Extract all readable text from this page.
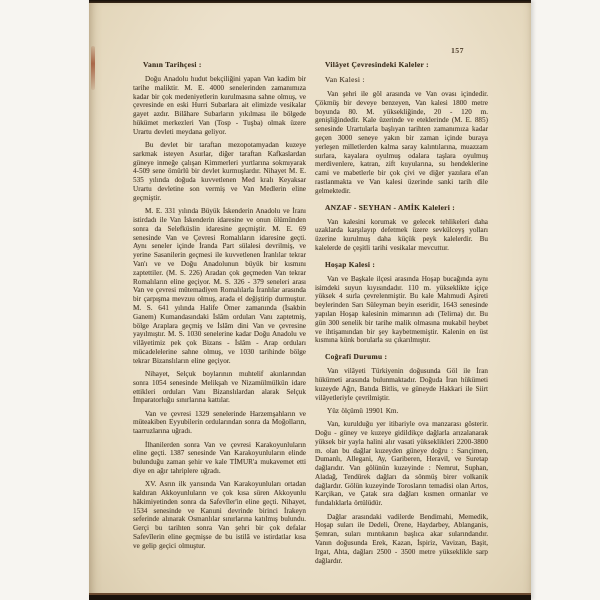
157
Vanın Tarihçesi :

Doğu Anadolu hudut bekçiliğini yapan Van kadim bir tarihe maliktir. M. E. 4000 senelerinden zamanımıza kadar bir çok medeniyetlerin kurulmasına sahne olmuş, ve çevresinde en eski Hurri Subarlara ait elimizde vesikalar gayet azdır. Bilâhare Subarların yıkılması ile bölgede hükümet merkezleri Van (Tosp - Tuşba) olmak üzere Urartu devleti meydana geliyor.

Bu devlet bir taraftan mezopotamyadan kuzeye sarkmak isteyen Asurlar, diğer taraftan Kafkaslardan güneye inmeğe çalışan Kimmerleri yurtlarına sokmıyarak 4-509 sene ömürlü bir devlet kurmuşlardır. Nihayet M. E. 535 yılında doğuda kuvvetlenen Med kralı Keyaksar Urartu devletine son vermiş ve Van Medlerin eline geçmiştir.

M. E. 331 yılında Büyük İskenderin Anadolu ve İranı istirdadı ile Van İskenderin idaresine ve onun ölümünden sonra da Selefküslin idaresine geçmiştir. M. E. 69 senesinde Van ve Çevresi Romalıların idaresine geçti. Aynı seneler içinde İranda Part sülalesi devrilmiş, ve yerine Sasanilerin geçmesi ile kuvvetlenen İranlılar tekrar Van'ı ve ve Doğu Anadolunun büyük bir kısmını zaptettiler. (M. S. 226) Aradan çok geçmeden Van tekrar Romalıların eline geçiyor. M. S. 326 - 379 seneleri arası Van ve çevresi mütemadiyen Romalılarla İranlılar arasında bir çarpışma mevzuu olmuş, arada el değiştirip durmuştur. M. S. 641 yılında Halife Ömer zamanında (İsakbin Ganem) Kumandasındaki İslâm orduları Vanı zaptetmiş, bölge Araplara geçmiş ve İslâm dini Van ve çevresine yayılmıştır. M. S. 1030 senelerine kadar Doğu Anadolu ve vilâyetimiz pek çok Bizans - İslâm - Arap orduları mücadelelerine sahne olmuş, ve 1030 tarihinde bölge tekrar Bizanslıların eline geçiyor.

Nihayet, Selçuk boylarının muhtelif akınlarından sonra 1054 senesinde Melikşah ve Nizamülmülkün idare ettikleri orduları Vanı Bizanslılardan alarak Selçuk İmparatorluğu sınırlarına kattılar.

Van ve çevresi 1329 senelerinde Harzemşahların ve müteakiben Eyyubilerin ordularından sonra da Moğolların, taarruzlarına uğradı.

İlhanilerden sonra Van ve çevresi Karakoyunluların eline geçti. 1387 senesinde Van Karakoyunluların elinde bulunduğu zaman şehir ve kale TİMUR'a mukavemet etti diye en ağır tahriplere uğradı.

XV. Asrın ilk yarısında Van Karakoyunluları ortadan kaldıran Akkoyunluların ve çok kısa süren Akkoyunlu hâkimiyetinden sonra da Safevîler'in eline geçti. Nihayet, 1534 senesinde ve Kanuni devrinde birinci İrakeyn seferinde alınarak Osmanlılar sınırlarına katılmış bulundu. Gerçi bu tarihten sonra Van şehri bir çok defalar Safevîlerin eline geçmişse de bu istilâ ve istirdatlar kısa ve gelip geçici olmuştur.

Vilâyet Çevresindeki Kaleler :
Van Kalesi :

Van şehri ile göl arasında ve Van ovası içindedir. Çökmüş bir deveye benzeyen, Van kalesi 1800 metre boyunda 80. M. yüksekliğinde, 20 - 120 m. genişliğindedir. Kale üzerinde ve eteklerinde (M. E. 885) senesinde Urartularla başlıyan tarihten zamanımıza kadar geçen 3000 seneye yakın bir zaman içinde buraya yerleşen milletlerden kalma saray kalıntılarına, muazzam surlara, kayalara oyulmuş odalara taşlara oyulmuş merdivenlere, katran, zift kuyularına, su hendeklerine cami ve mabetlerle bir çok çivi ve diğer yazılara el'an rastlanmakta ve Van kalesi üzerinde sanki tarih dile gelmektedir.

ANZAF - SEYHAN - AMİK Kaleleri :

Van kalesini korumak ve gelecek tehlikeleri daha uzaklarda karşılayıp defetmek üzere sevkülceyş yolları üzerine kurulmuş daha küçük peyk kalelerdir. Bu kalelerde de çeşitli tarihi vesikalar mevcuttur.

Hoşap Kalesi :

Van ve Başkale ilçesi arasında Hoşap bucağında aynı isimdeki suyun kıyısındadır. 110 m. yükseklikte içiçe yüksek 4 surla çevrelenmiştir. Bu kale Mahmudi Aşireti beylerinden Sarı Süleyman beyin eseridir, 1643 senesinde yapılan Hoşap kalesinin mimarının adı (Telirna) dır. Bu gün 300 senelik bir tarihe malik olmasına mukabil heybet ve ihtişamından bir şey kaybetmemiştir. Kalenin en üst kısmına künk borularla su çıkarılmıştır.

Coğrafi Durumu :

Van vilâyeti Türkiyenin doğusunda Göl ile İran hükümeti arasında bulunmaktadır. Doğuda İran hükümeti kuzeyde Ağrı, Batıda Bitlis, ve güneyde Hakkari ile Siirt vilâyetleriyle çevrilmiştir.

Yüz ölçümü 19901 Km.

Van, kurulduğu yer itibariyle ova manzarası gösterir. Doğu - güney ve kuzeye gidildikçe dağlarla arızalanarak yüksek bir yayla halini alır vasati yükseklikleri 2200-3800 m. olan bu dağlar kuzeyden güneye doğru : Sarıçimen, Dumanlı, Allegani, Ay, Gariberen, Heravil, ve Suretap dağlarıdır. Van gölünün kuzeyinde : Nemrut, Suphan, Aladağ, Tendürek dağları da sönmüş birer volkanik dağlardır. Gölün kuzeyinde Torosların temadisi olan Artos, Karçikan, ve Çatak sıra dağları kısmen ormanlar ve fundalıklarla örtülüdür.

Dağlar arasındaki vadilerde Bendimahi, Memedik, Hoşap suları ile Dedeli, Örene, Haydarbey, Ablanganis, Şemran, suları mıntıkanın başlıca akar sularındandır. Vanın doğusunda Erek, Kazan, İspiriz, Vavizan, Başit, Irgat, Ahta, dağları 2500 - 3500 metre yükseklikle sarp dağlardır.
